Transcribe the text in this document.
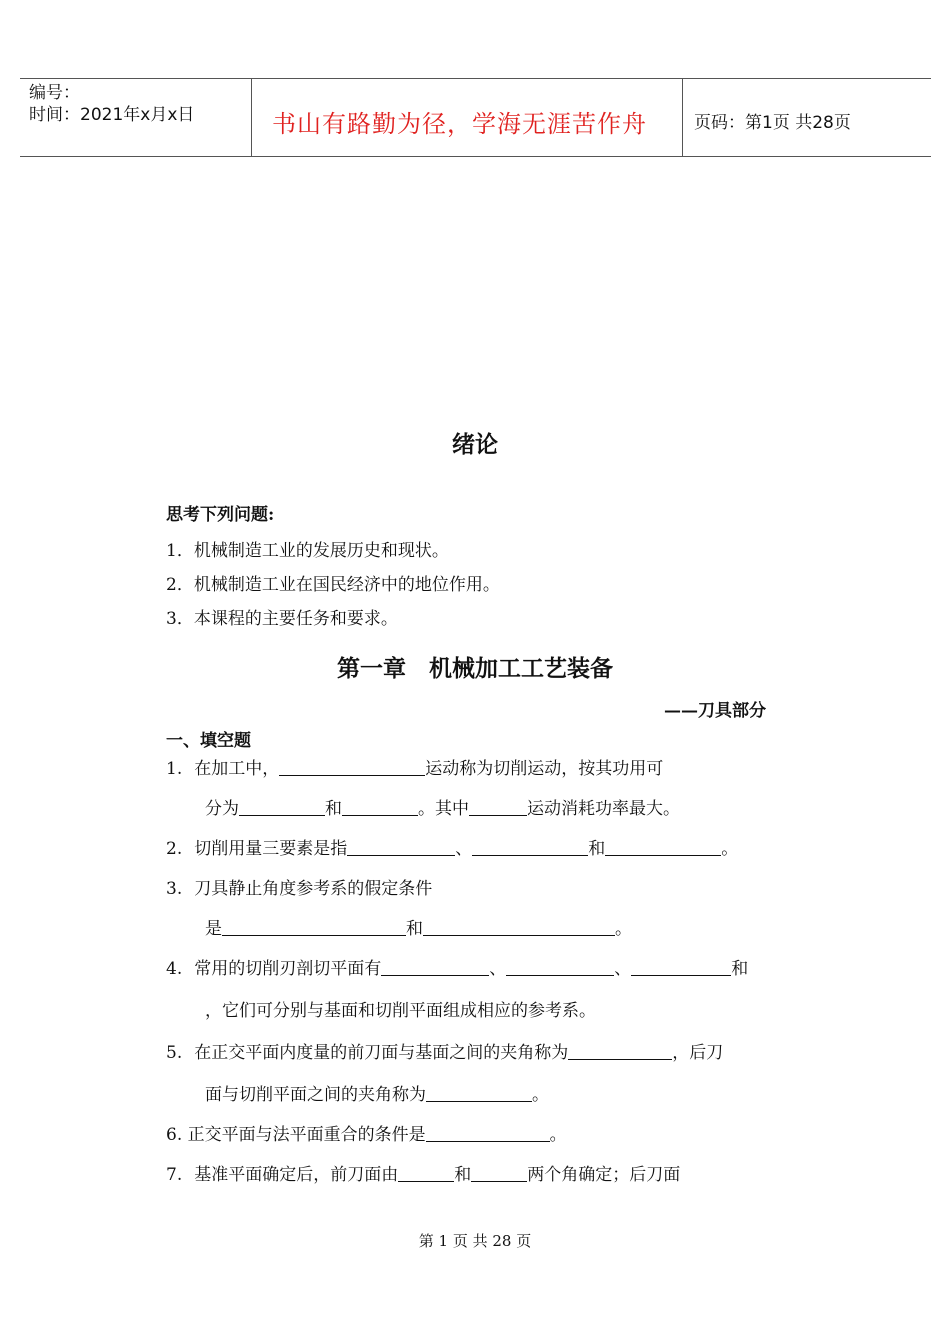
编号：
时间：2021年x月x日	书山有路勤为径，学海无涯苦作舟	页码：第1页 共28页
绪论
思考下列问题:
1．机械制造工业的发展历史和现状。
2．机械制造工业在国民经济中的地位作用。
3．本课程的主要任务和要求。
第一章　机械加工工艺装备
——刀具部分
一、填空题
1. 在加工中，	运动称为切削运动，按其功用可
分为	和	。其中	运动消耗功率最大。
2. 切削用量三要素是指	、	和	。
3. 刀具静止角度参考系的假定条件
是	和	。
4. 常用的切削刃剖切平面有	、	、	和
，它们可分别与基面和切削平面组成相应的参考系。
5. 在正交平面内度量的前刀面与基面之间的夹角称为	，后刀
面与切削平面之间的夹角称为	。
6. 正交平面与法平面重合的条件是	。
7. 基准平面确定后，前刀面由	和	两个角确定；后刀面
第 1 页 共 28 页
